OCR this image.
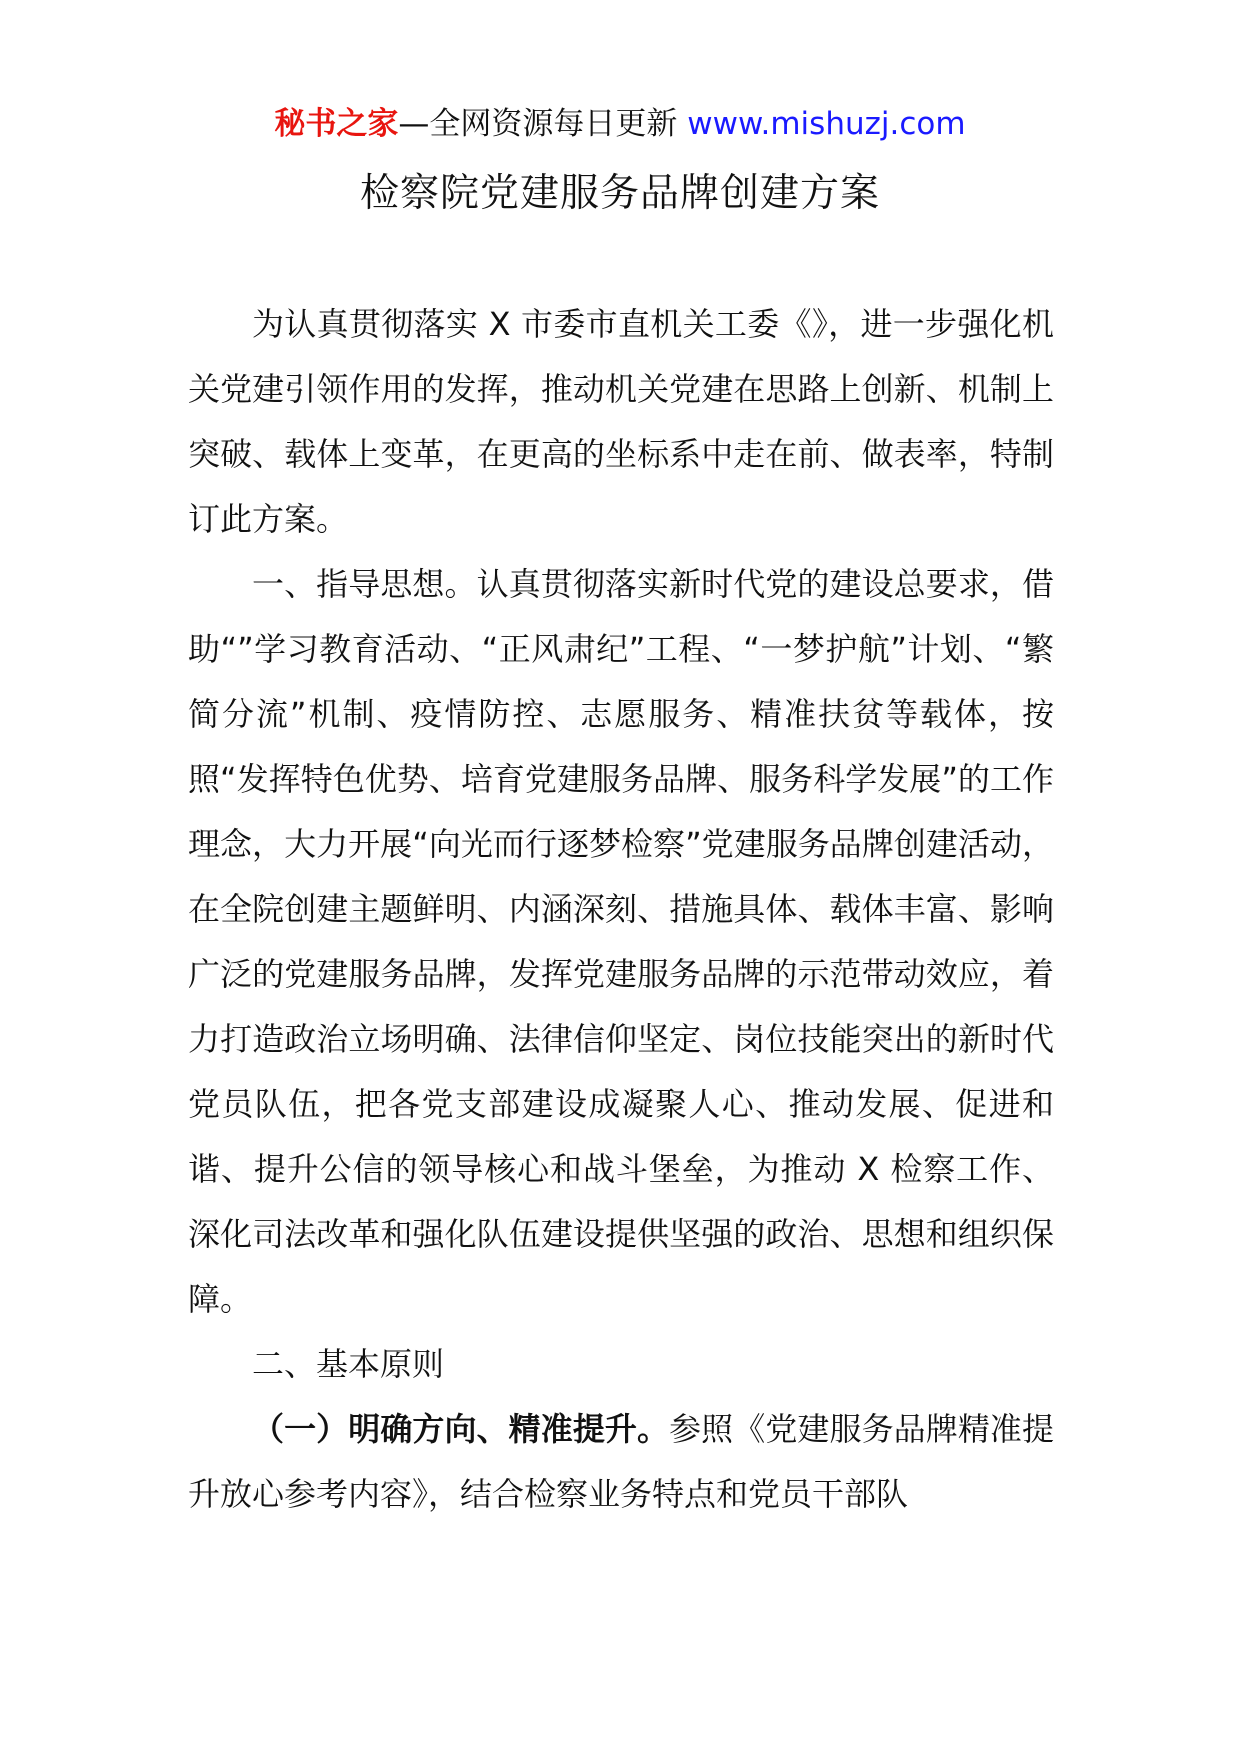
秘书之家—全网资源每日更新 www.mishuzj.com
检察院党建服务品牌创建方案

为认真贯彻落实 X 市委市直机关工委《》，进一步强化机关党建引领作用的发挥，推动机关党建在思路上创新、机制上突破、载体上变革，在更高的坐标系中走在前、做表率，特制订此方案。

一、指导思想。认真贯彻落实新时代党的建设总要求，借助“”学习教育活动、“正风肃纪”工程、“一梦护航”计划、“繁简分流”机制、疫情防控、志愿服务、精准扶贫等载体，按照“发挥特色优势、培育党建服务品牌、服务科学发展”的工作理念，大力开展“向光而行逐梦检察”党建服务品牌创建活动，在全院创建主题鲜明、内涵深刻、措施具体、载体丰富、影响广泛的党建服务品牌，发挥党建服务品牌的示范带动效应，着力打造政治立场明确、法律信仰坚定、岗位技能突出的新时代党员队伍，把各党支部建设成凝聚人心、推动发展、促进和谐、提升公信的领导核心和战斗堡垒，为推动 X 检察工作、深化司法改革和强化队伍建设提供坚强的政治、思想和组织保障。

二、基本原则

（一）明确方向、精准提升。参照《党建服务品牌精准提升放心参考内容》，结合检察业务特点和党员干部队
